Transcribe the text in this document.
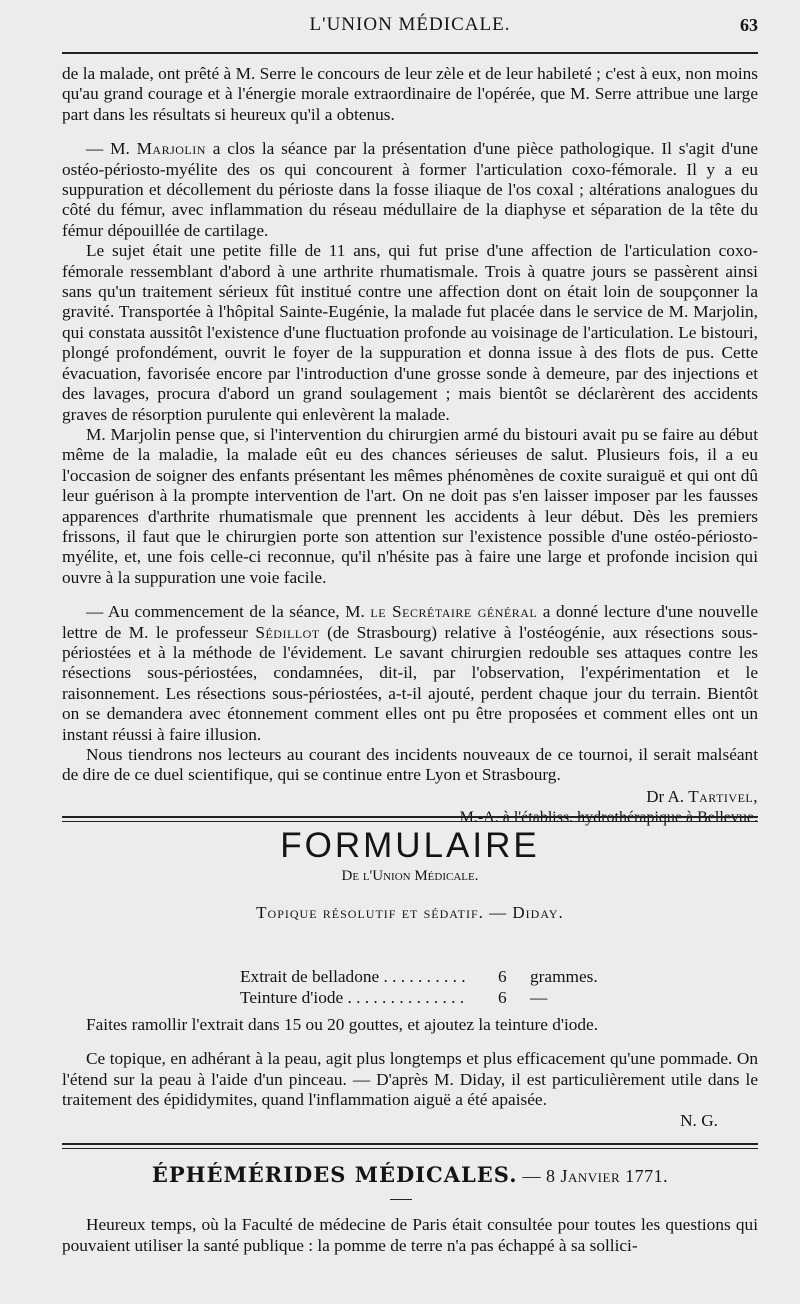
L'UNION MÉDICALE.	63

de la malade, ont prêté à M. Serre le concours de leur zèle et de leur habileté ; c'est à eux, non moins qu'au grand courage et à l'énergie morale extraordinaire de l'opérée, que M. Serre attribue une large part dans les résultats si heureux qu'il a obtenus.

— M. Marjolin a clos la séance par la présentation d'une pièce pathologique. Il s'agit d'une ostéo-périosto-myélite des os qui concourent à former l'articulation coxo-fémorale. Il y a eu suppuration et décollement du périoste dans la fosse iliaque de l'os coxal ; altérations analogues du côté du fémur, avec inflammation du réseau médullaire de la diaphyse et séparation de la tête du fémur dépouillée de cartilage.

Le sujet était une petite fille de 11 ans, qui fut prise d'une affection de l'articulation coxo-fémorale ressemblant d'abord à une arthrite rhumatismale. Trois à quatre jours se passèrent ainsi sans qu'un traitement sérieux fût institué contre une affection dont on était loin de soupçonner la gravité. Transportée à l'hôpital Sainte-Eugénie, la malade fut placée dans le service de M. Marjolin, qui constata aussitôt l'existence d'une fluctuation profonde au voisinage de l'articulation. Le bistouri, plongé profondément, ouvrit le foyer de la suppuration et donna issue à des flots de pus. Cette évacuation, favorisée encore par l'introduction d'une grosse sonde à demeure, par des injections et des lavages, procura d'abord un grand soulagement ; mais bientôt se déclarèrent des accidents graves de résorption purulente qui enlevèrent la malade.

M. Marjolin pense que, si l'intervention du chirurgien armé du bistouri avait pu se faire au début même de la maladie, la malade eût eu des chances sérieuses de salut. Plusieurs fois, il a eu l'occasion de soigner des enfants présentant les mêmes phénomènes de coxite suraiguë et qui ont dû leur guérison à la prompte intervention de l'art. On ne doit pas s'en laisser imposer par les fausses apparences d'arthrite rhumatismale que prennent les accidents à leur début. Dès les premiers frissons, il faut que le chirurgien porte son attention sur l'existence possible d'une ostéo-périosto-myélite, et, une fois celle-ci reconnue, qu'il n'hésite pas à faire une large et profonde incision qui ouvre à la suppuration une voie facile.

— Au commencement de la séance, M. le Secrétaire général a donné lecture d'une nouvelle lettre de M. le professeur Sédillot (de Strasbourg) relative à l'ostéogénie, aux résections sous-périostées et à la méthode de l'évidement. Le savant chirurgien redouble ses attaques contre les résections sous-périostées, condamnées, dit-il, par l'observation, l'expérimentation et le raisonnement. Les résections sous-périostées, a-t-il ajouté, perdent chaque jour du terrain. Bientôt on se demandera avec étonnement comment elles ont pu être proposées et comment elles ont un instant réussi à faire illusion.

Nous tiendrons nos lecteurs au courant des incidents nouveaux de ce tournoi, il serait malséant de dire de ce duel scientifique, qui se continue entre Lyon et Strasbourg.

Dr A. Tartivel,

FORMULAIRE
De l'Union Médicale.
Topique résolutif et sédatif. — Diday.
Extrait de belladone . . . . . . . . . .	6	grammes.
Teinture d'iode . . . . . . . . . . . . . .	6	—

Faites ramollir l'extrait dans 15 ou 20 gouttes, et ajoutez la teinture d'iode.

Ce topique, en adhérant à la peau, agit plus longtemps et plus efficacement qu'une pommade. On l'étend sur la peau à l'aide d'un pinceau. — D'après M. Diday, il est particulièrement utile dans le traitement des épididymites, quand l'inflammation aiguë a été apaisée.

N. G.

ÉPHÉMÉRIDES MÉDICALES. — 8 Janvier 1771.

Heureux temps, où la Faculté de médecine de Paris était consultée pour toutes les questions qui pouvaient utiliser la santé publique : la pomme de terre n'a pas échappé à sa sollici-
